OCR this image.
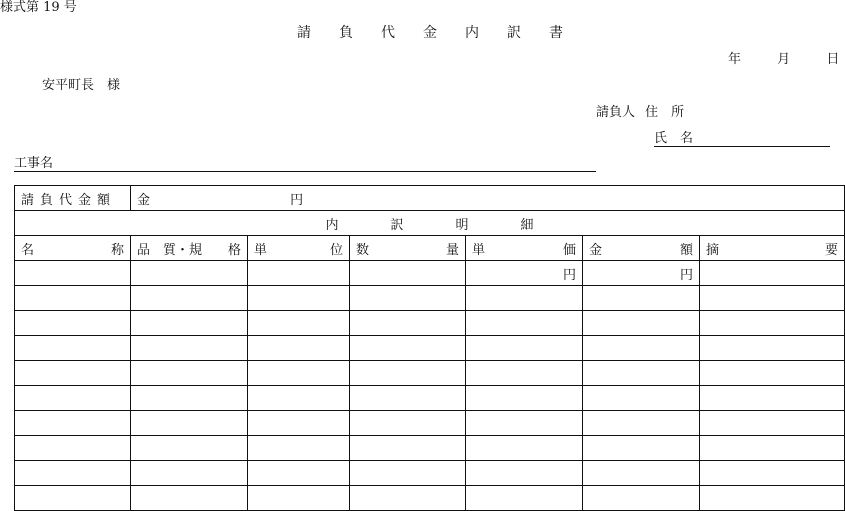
様式第 19 号
請　　負　　代　　金　　内　　訳　　書
年	月	日
安平町長　様
請負人 住　所
氏　名
工事名
請負代金額	金 円					
内　　　　訳　　　　明　　　　細						

名 称	品　質・規 格	単 位	数 量	単 価	金 額	摘 要

				円	円	
